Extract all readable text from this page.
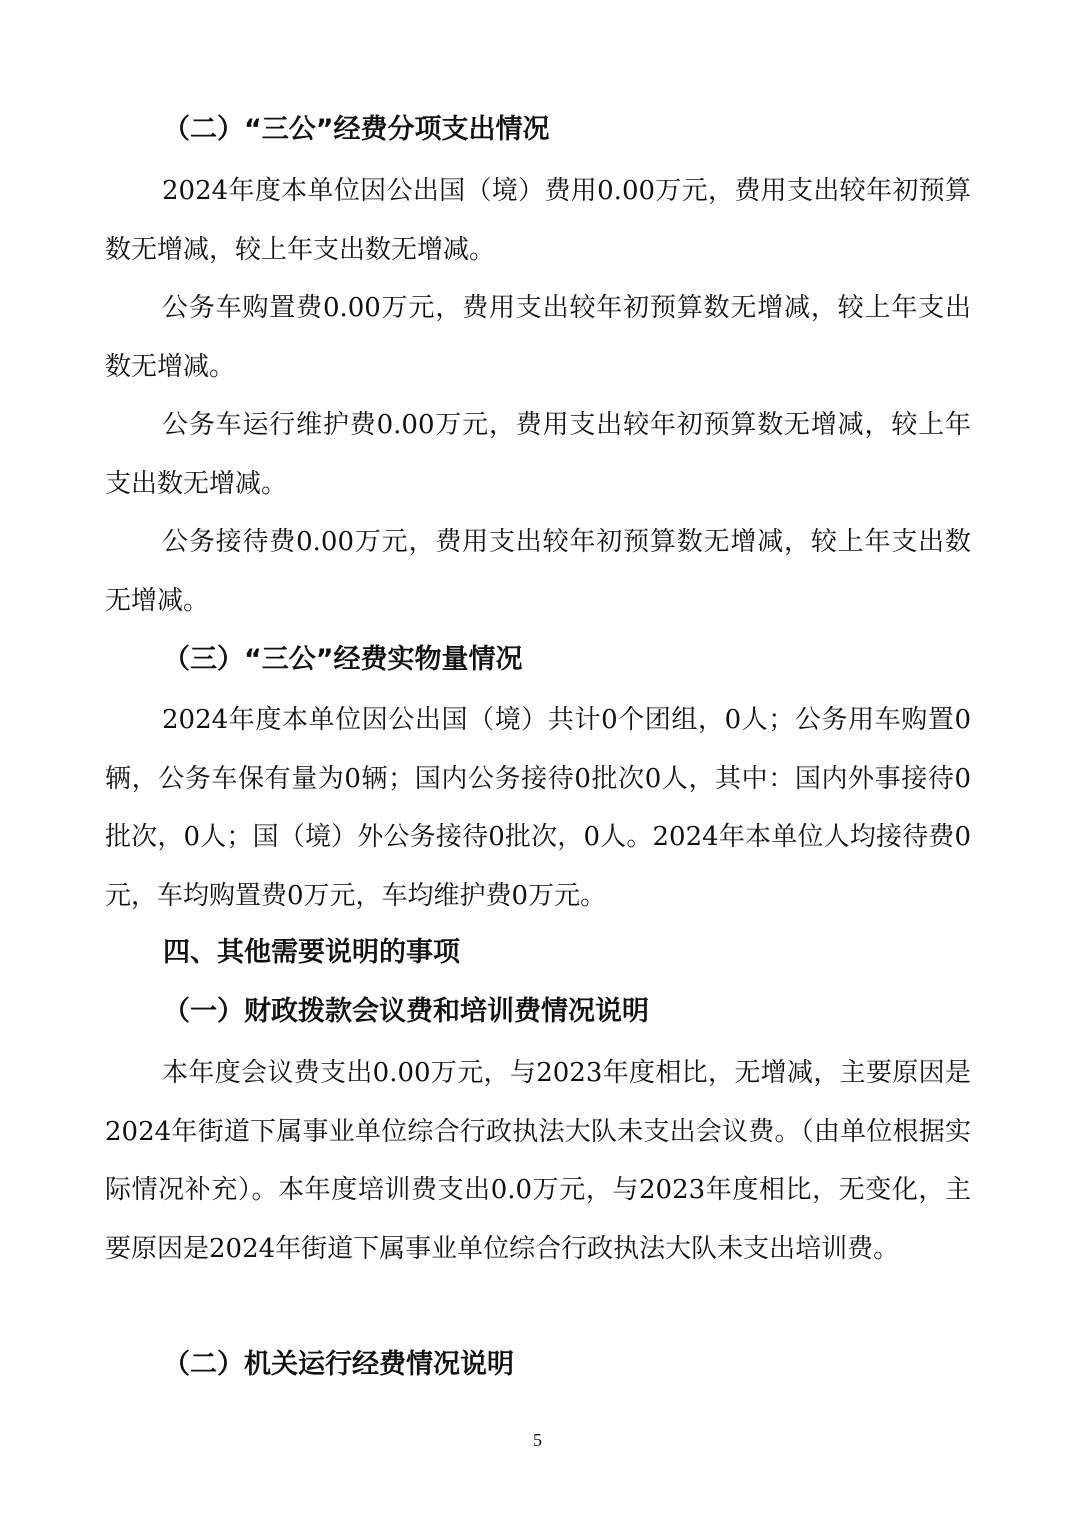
（二）“三公”经费分项支出情况

2024年度本单位因公出国（境）费用0.00万元，费用支出较年初预算数无增减，较上年支出数无增减。

公务车购置费0.00万元，费用支出较年初预算数无增减，较上年支出数无增减。

公务车运行维护费0.00万元，费用支出较年初预算数无增减，较上年支出数无增减。

公务接待费0.00万元，费用支出较年初预算数无增减，较上年支出数无增减。

（三）“三公”经费实物量情况

2024年度本单位因公出国（境）共计0个团组，0人；公务用车购置0辆，公务车保有量为0辆；国内公务接待0批次0人，其中：国内外事接待0批次，0人；国（境）外公务接待0批次，0人。2024年本单位人均接待费0元，车均购置费0万元，车均维护费0万元。

四、其他需要说明的事项
（一）财政拨款会议费和培训费情况说明

本年度会议费支出0.00万元，与2023年度相比，无增减，主要原因是2024年街道下属事业单位综合行政执法大队未支出会议费。（由单位根据实际情况补充）。本年度培训费支出0.0万元，与2023年度相比，无变化，主要原因是2024年街道下属事业单位综合行政执法大队未支出培训费。

（二）机关运行经费情况说明
5
